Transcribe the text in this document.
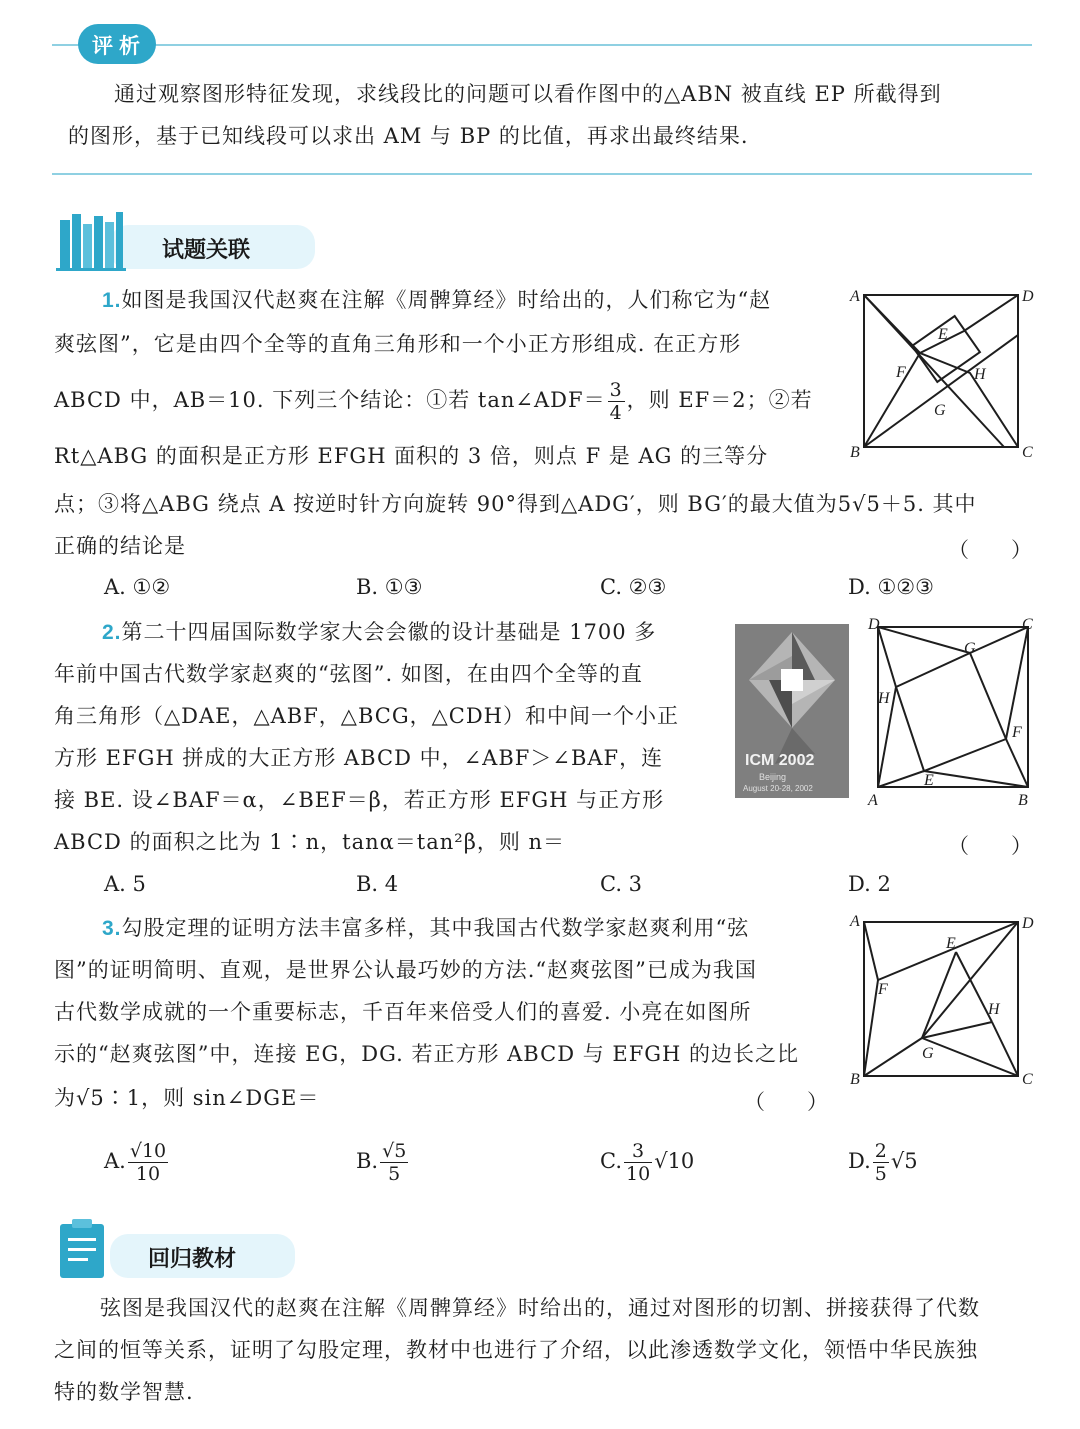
评析
通过观察图形特征发现，求线段比的问题可以看作图中的△ABN 被直线 EP 所截得到
的图形，基于已知线段可以求出 AM 与 BP 的比值，再求出最终结果.
试题关联
1.如图是我国汉代赵爽在注解《周髀算经》时给出的，人们称它为“赵
爽弦图”，它是由四个全等的直角三角形和一个小正方形组成. 在正方形
ABCD 中，AB＝10. 下列三个结论：①若 tan∠ADF＝ $\frac{3}{4}$ ，则 EF＝2；②若
Rt△ABG 的面积是正方形 EFGH 面积的 3 倍，则点 F 是 AG 的三等分
点；③将△ABG 绕点 A 按逆时针方向旋转 90°得到△ADG′，则 BG′的最大值为5√5＋5. 其中
正确的结论是	（　　）
A. ①②	B. ①③	C. ②③	D. ①②③
A	D
B	C
E
F
G
H
2.第二十四届国际数学家大会会徽的设计基础是 1700 多
年前中国古代数学家赵爽的“弦图”. 如图，在由四个全等的直
角三角形（△DAE，△ABF，△BCG，△CDH）和中间一个小正
方形 EFGH 拼成的大正方形 ABCD 中，∠ABF＞∠BAF，连
接 BE. 设∠BAF＝α，∠BEF＝β，若正方形 EFGH 与正方形
ABCD 的面积之比为 1∶n，tanα＝tan²β，则 n＝	（　　）
A. 5	B. 4	C. 3	D. 2
ICM 2002
Beijing
August 20-28, 2002
D	C
G
H
F
E
A	B
3.勾股定理的证明方法丰富多样，其中我国古代数学家赵爽利用“弦
图”的证明简明、直观，是世界公认最巧妙的方法.“赵爽弦图”已成为我国
古代数学成就的一个重要标志，千百年来倍受人们的喜爱. 小亮在如图所
示的“赵爽弦图”中，连接 EG，DG. 若正方形 ABCD 与 EFGH 的边长之比
为√5∶1，则 sin∠DGE＝	（　　）
A. $\frac{√10}{10}$	B. $\frac{√5}{5}$	C. $\frac{3}{10} √10$	D. $\frac{2}{5} √5$
A	D
E
F
H
G
B	C
回归教材
弦图是我国汉代的赵爽在注解《周髀算经》时给出的，通过对图形的切割、拼接获得了代数
之间的恒等关系，证明了勾股定理，教材中也进行了介绍，以此渗透数学文化，领悟中华民族独
特的数学智慧.
